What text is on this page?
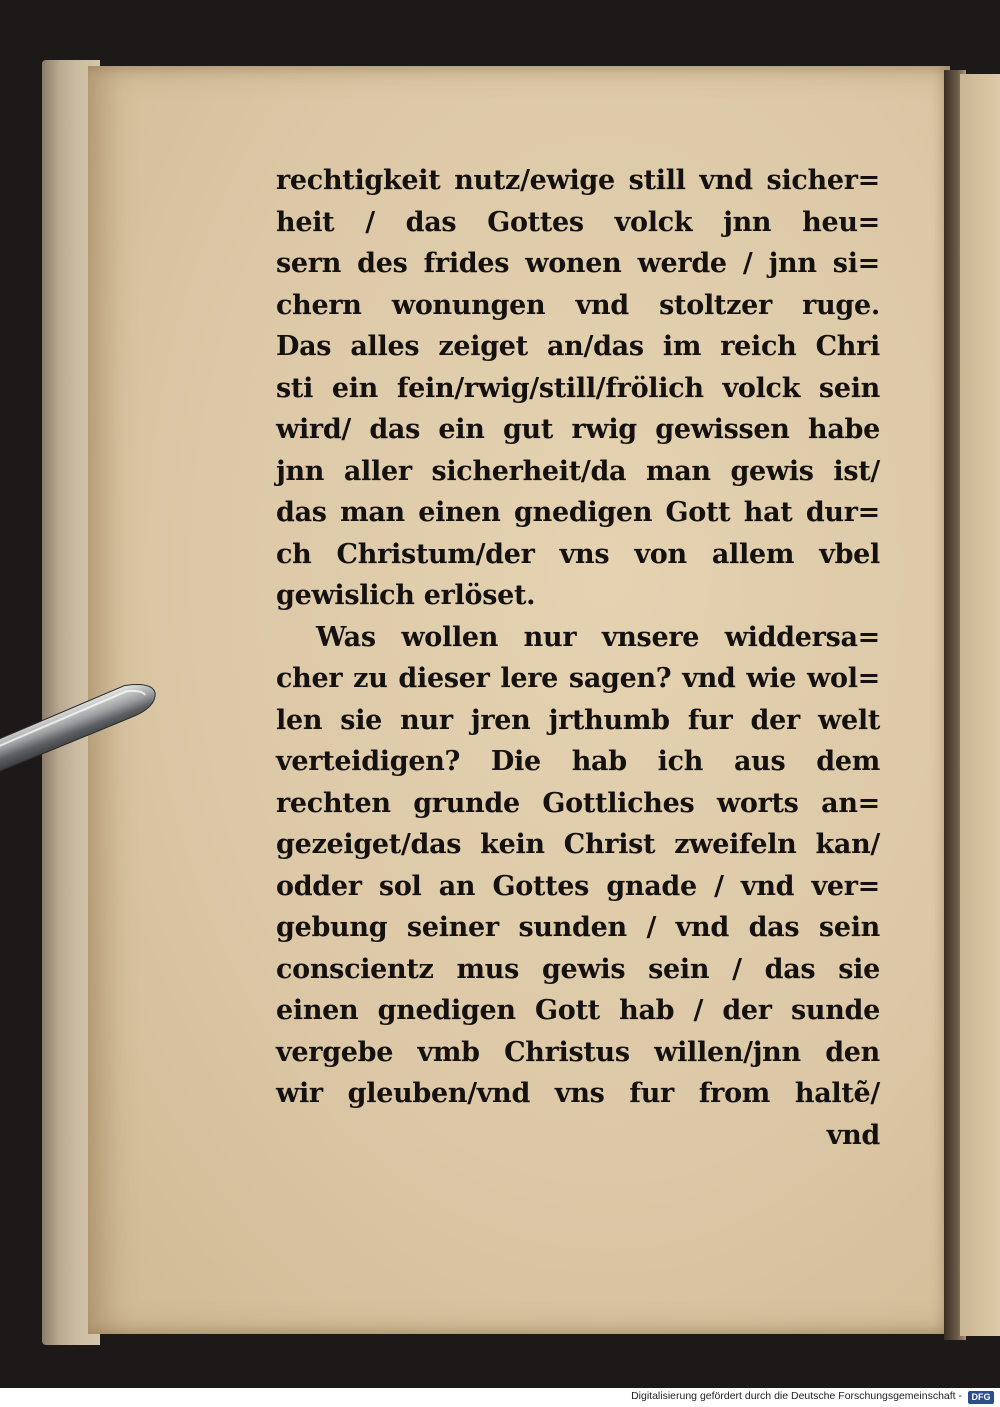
rechtigkeit nutz/ewige still vnd sicher=
heit / das Gottes volck jnn heu=
sern des frides wonen werde / jnn si=
chern wonungen vnd stoltzer ruge.
Das alles zeiget an/das im reich Chri
sti ein fein/rwig/still/frölich volck sein
wird/ das ein gut rwig gewissen habe
jnn aller sicherheit/da man gewis ist/
das man einen gnedigen Gott hat dur=
ch Christum/der vns von allem vbel
gewislich erlöset.
Was wollen nur vnsere widdersa=
cher zu dieser lere sagen? vnd wie wol=
len sie nur jren jrthumb fur der welt
verteidigen? Die hab ich aus dem
rechten grunde Gottliches worts an=
gezeiget/das kein Christ zweifeln kan/
odder sol an Gottes gnade / vnd ver=
gebung seiner sunden / vnd das sein
conscientz mus gewis sein / das sie
einen gnedigen Gott hab / der sunde
vergebe vmb Christus willen/jnn den
wir gleuben/vnd vns fur from haltẽ/
vnd
Digitalisierung gefördert durch die Deutsche Forschungsgemeinschaft -	DFG
